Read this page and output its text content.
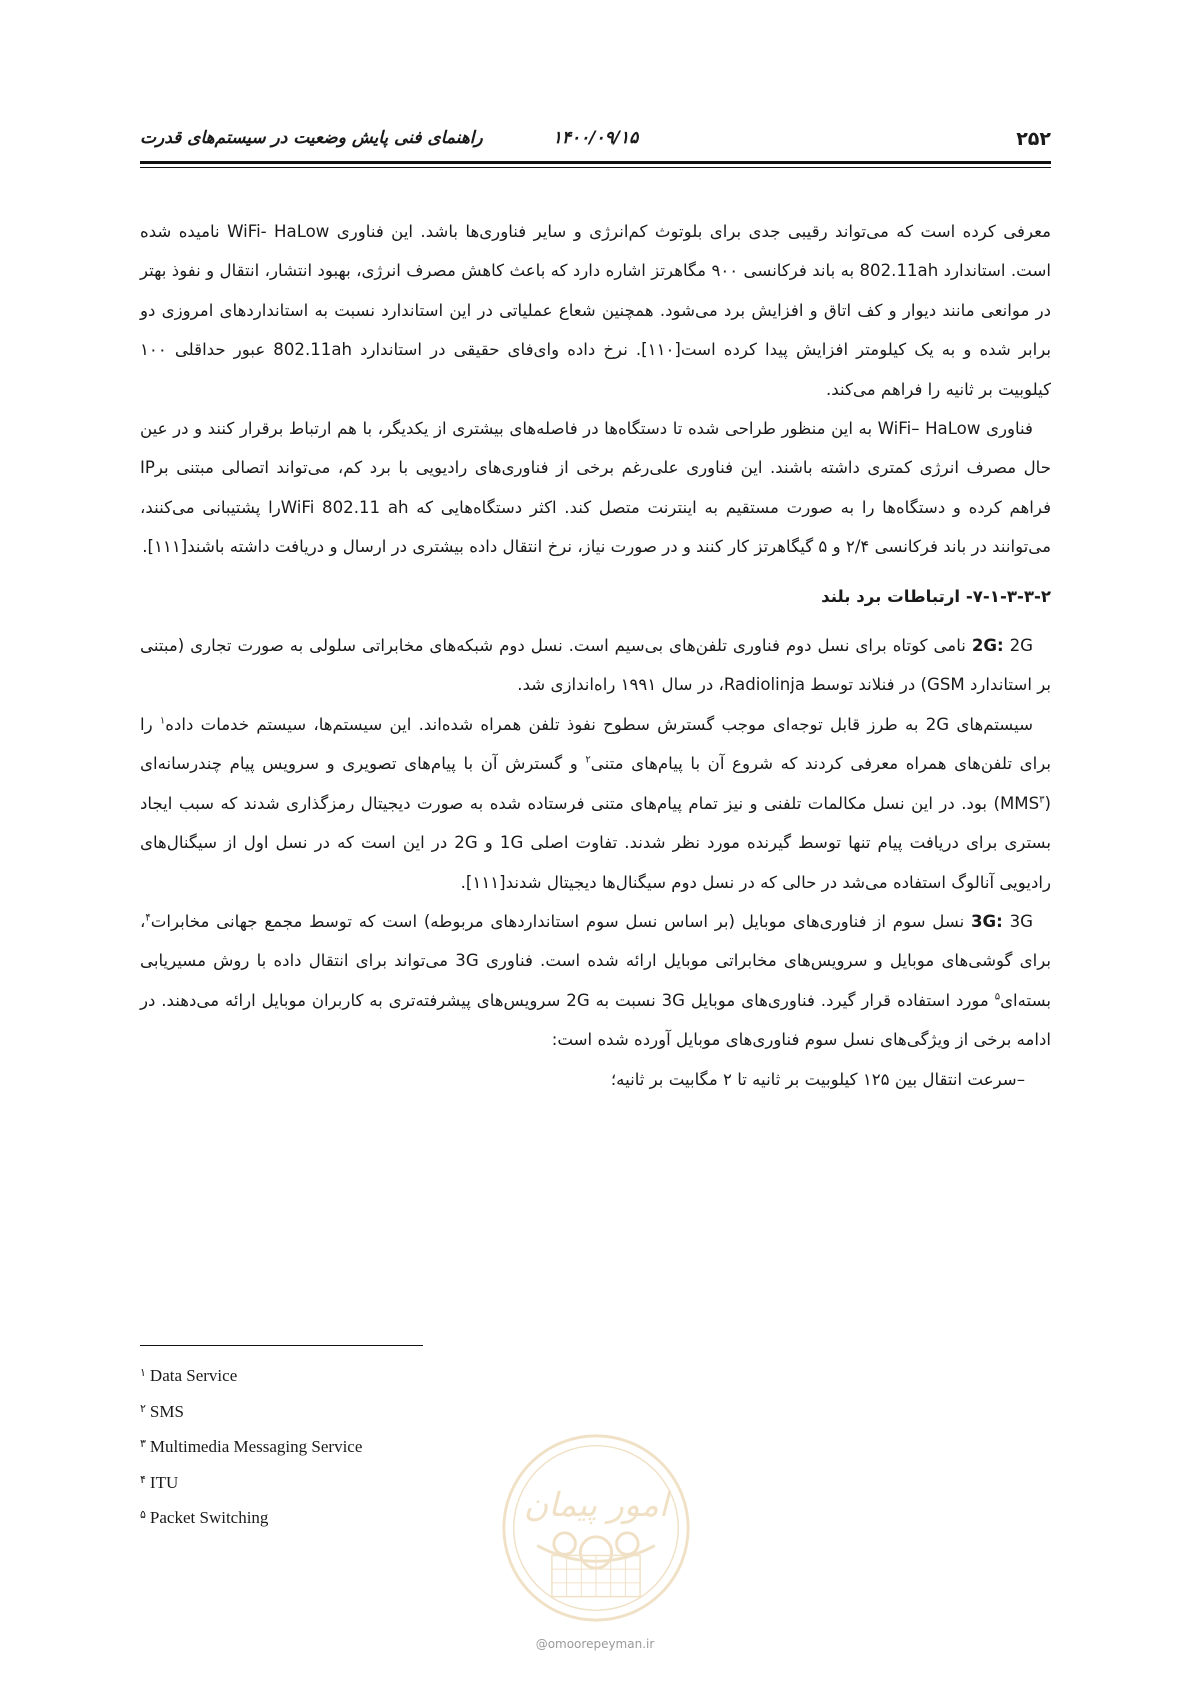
۲۵۲
۱۴۰۰/۰۹/۱۵
راهنمای فنی پایش وضعیت در سیستم‌های قدرت

معرفی کرده است که می‌تواند رقیبی جدی برای بلوتوث کم‌انرژی و سایر فناوری‌ها باشد. این فناوری WiFi- HaLow نامیده شده است. استاندارد 802.11ah به باند فرکانسی ۹۰۰ مگاهرتز اشاره دارد که باعث کاهش مصرف انرژی، بهبود انتشار، انتقال و نفوذ بهتر در موانعی مانند دیوار و کف اتاق و افزایش برد می‌شود. همچنین شعاع عملیاتی در این استاندارد نسبت به استانداردهای امروزی دو برابر شده و به یک کیلومتر افزایش پیدا کرده است[۱۱۰]. نرخ داده وای‌فای حقیقی در استاندارد 802.11ah عبور حداقلی ۱۰۰ کیلوبیت بر ثانیه را فراهم می‌کند.

فناوری WiFi– HaLow به این منظور طراحی شده تا دستگاه‌ها در فاصله‌های بیشتری از یکدیگر، با هم ارتباط برقرار کنند و در عین حال مصرف انرژی کمتری داشته باشند. این فناوری علی‌رغم برخی از فناوری‌های رادیویی با برد کم، می‌تواند اتصالی مبتنی برIP فراهم کرده و دستگاه‌ها را به صورت مستقیم به اینترنت متصل کند. اکثر دستگاه‌هایی که WiFi 802.11 ahرا پشتیبانی می‌کنند، می‌توانند در باند فرکانسی ۲/۴ و ۵ گیگاهرتز کار کنند و در صورت نیاز، نرخ انتقال داده بیشتری در ارسال و دریافت داشته باشند[۱۱۱].

۷-۱-۳-۳-۲- ارتباطات برد بلند

2G: 2G نامی کوتاه برای نسل دوم فناوری تلفن‌های بی‌سیم است. نسل دوم شبکه‌های مخابراتی سلولی به صورت تجاری (مبتنی بر استاندارد GSM) در فنلاند توسط Radiolinja، در سال ۱۹۹۱ راه‌اندازی شد.

سیستم‌های 2G به طرز قابل توجه‌ای موجب گسترش سطوح نفوذ تلفن همراه شده‌اند. این سیستم‌ها، سیستم خدمات داده$^۱$ را برای تلفن‌های همراه معرفی کردند که شروع آن با پیام‌های متنی$^۲$ و گسترش آن با پیام‌های تصویری و سرویس پیام چندرسانه‌ای (MMS$^۳$) بود. در این نسل مکالمات تلفنی و نیز تمام پیام‌های متنی فرستاده شده به صورت دیجیتال رمزگذاری شدند که سبب ایجاد بستری برای دریافت پیام تنها توسط گیرنده مورد نظر شدند. تفاوت اصلی 1G و 2G در این است که در نسل اول از سیگنال‌های رادیویی آنالوگ استفاده می‌شد در حالی که در نسل دوم سیگنال‌ها دیجیتال شدند[۱۱۱].

3G: 3G نسل سوم از فناوری‌های موبایل (بر اساس نسل سوم استانداردهای مربوطه) است که توسط مجمع جهانی مخابرات$^۴$، برای گوشی‌های موبایل و سرویس‌های مخابراتی موبایل ارائه شده است. فناوری 3G می‌تواند برای انتقال داده با روش مسیریابی بسته‌ای$^۵$ مورد استفاده قرار گیرد. فناوری‌های موبایل 3G نسبت به 2G سرویس‌های پیشرفته‌تری به کاربران موبایل ارائه می‌دهند. در ادامه برخی از ویژگی‌های نسل سوم فناوری‌های موبایل آورده شده است:

–سرعت انتقال بین ۱۲۵ کیلوبیت بر ثانیه تا ۲ مگابیت بر ثانیه؛

$^۱$ Data Service
$^۲$ SMS
$^۳$ Multimedia Messaging Service
$^۴$ ITU
$^۵$ Packet Switching	امور پیمان
@omoorepeyman.ir
